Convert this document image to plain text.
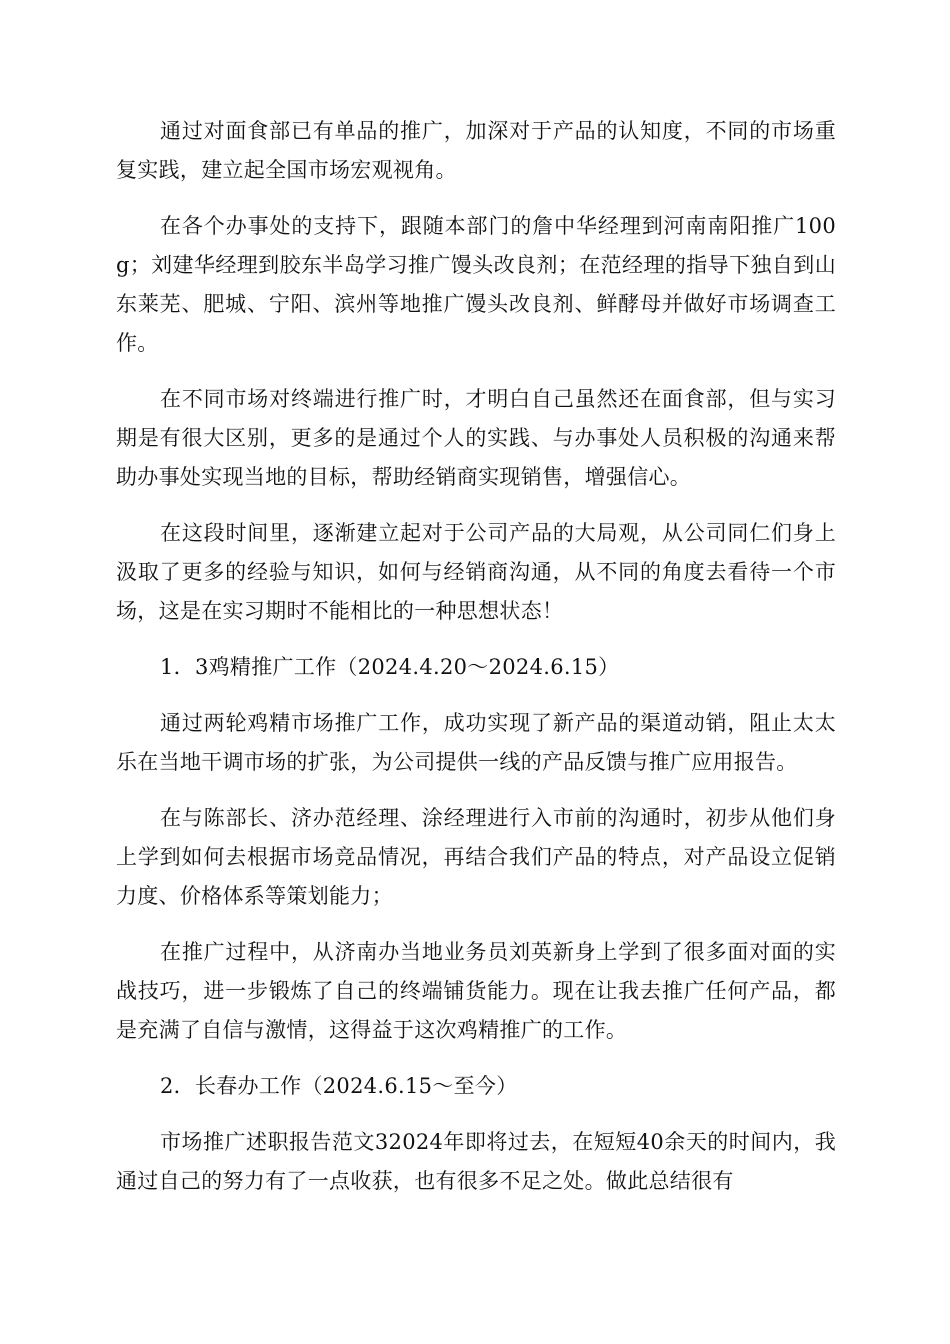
通过对面食部已有单品的推广，加深对于产品的认知度，不同的市场重复实践，建立起全国市场宏观视角。

在各个办事处的支持下，跟随本部门的詹中华经理到河南南阳推广100g；刘建华经理到胶东半岛学习推广馒头改良剂；在范经理的指导下独自到山东莱芜、肥城、宁阳、滨州等地推广馒头改良剂、鲜酵母并做好市场调查工作。

在不同市场对终端进行推广时，才明白自己虽然还在面食部，但与实习期是有很大区别，更多的是通过个人的实践、与办事处人员积极的沟通来帮助办事处实现当地的目标，帮助经销商实现销售，增强信心。

在这段时间里，逐渐建立起对于公司产品的大局观，从公司同仁们身上汲取了更多的经验与知识，如何与经销商沟通，从不同的角度去看待一个市场，这是在实习期时不能相比的一种思想状态！

1．3鸡精推广工作（2024.4.20～2024.6.15）

通过两轮鸡精市场推广工作，成功实现了新产品的渠道动销，阻止太太乐在当地干调市场的扩张，为公司提供一线的产品反馈与推广应用报告。

在与陈部长、济办范经理、涂经理进行入市前的沟通时，初步从他们身上学到如何去根据市场竞品情况，再结合我们产品的特点，对产品设立促销力度、价格体系等策划能力；

在推广过程中，从济南办当地业务员刘英新身上学到了很多面对面的实战技巧，进一步锻炼了自己的终端铺货能力。现在让我去推广任何产品，都是充满了自信与激情，这得益于这次鸡精推广的工作。

2．长春办工作（2024.6.15～至今）

市场推广述职报告范文32024年即将过去，在短短40余天的时间内，我通过自己的努力有了一点收获，也有很多不足之处。做此总结很有
